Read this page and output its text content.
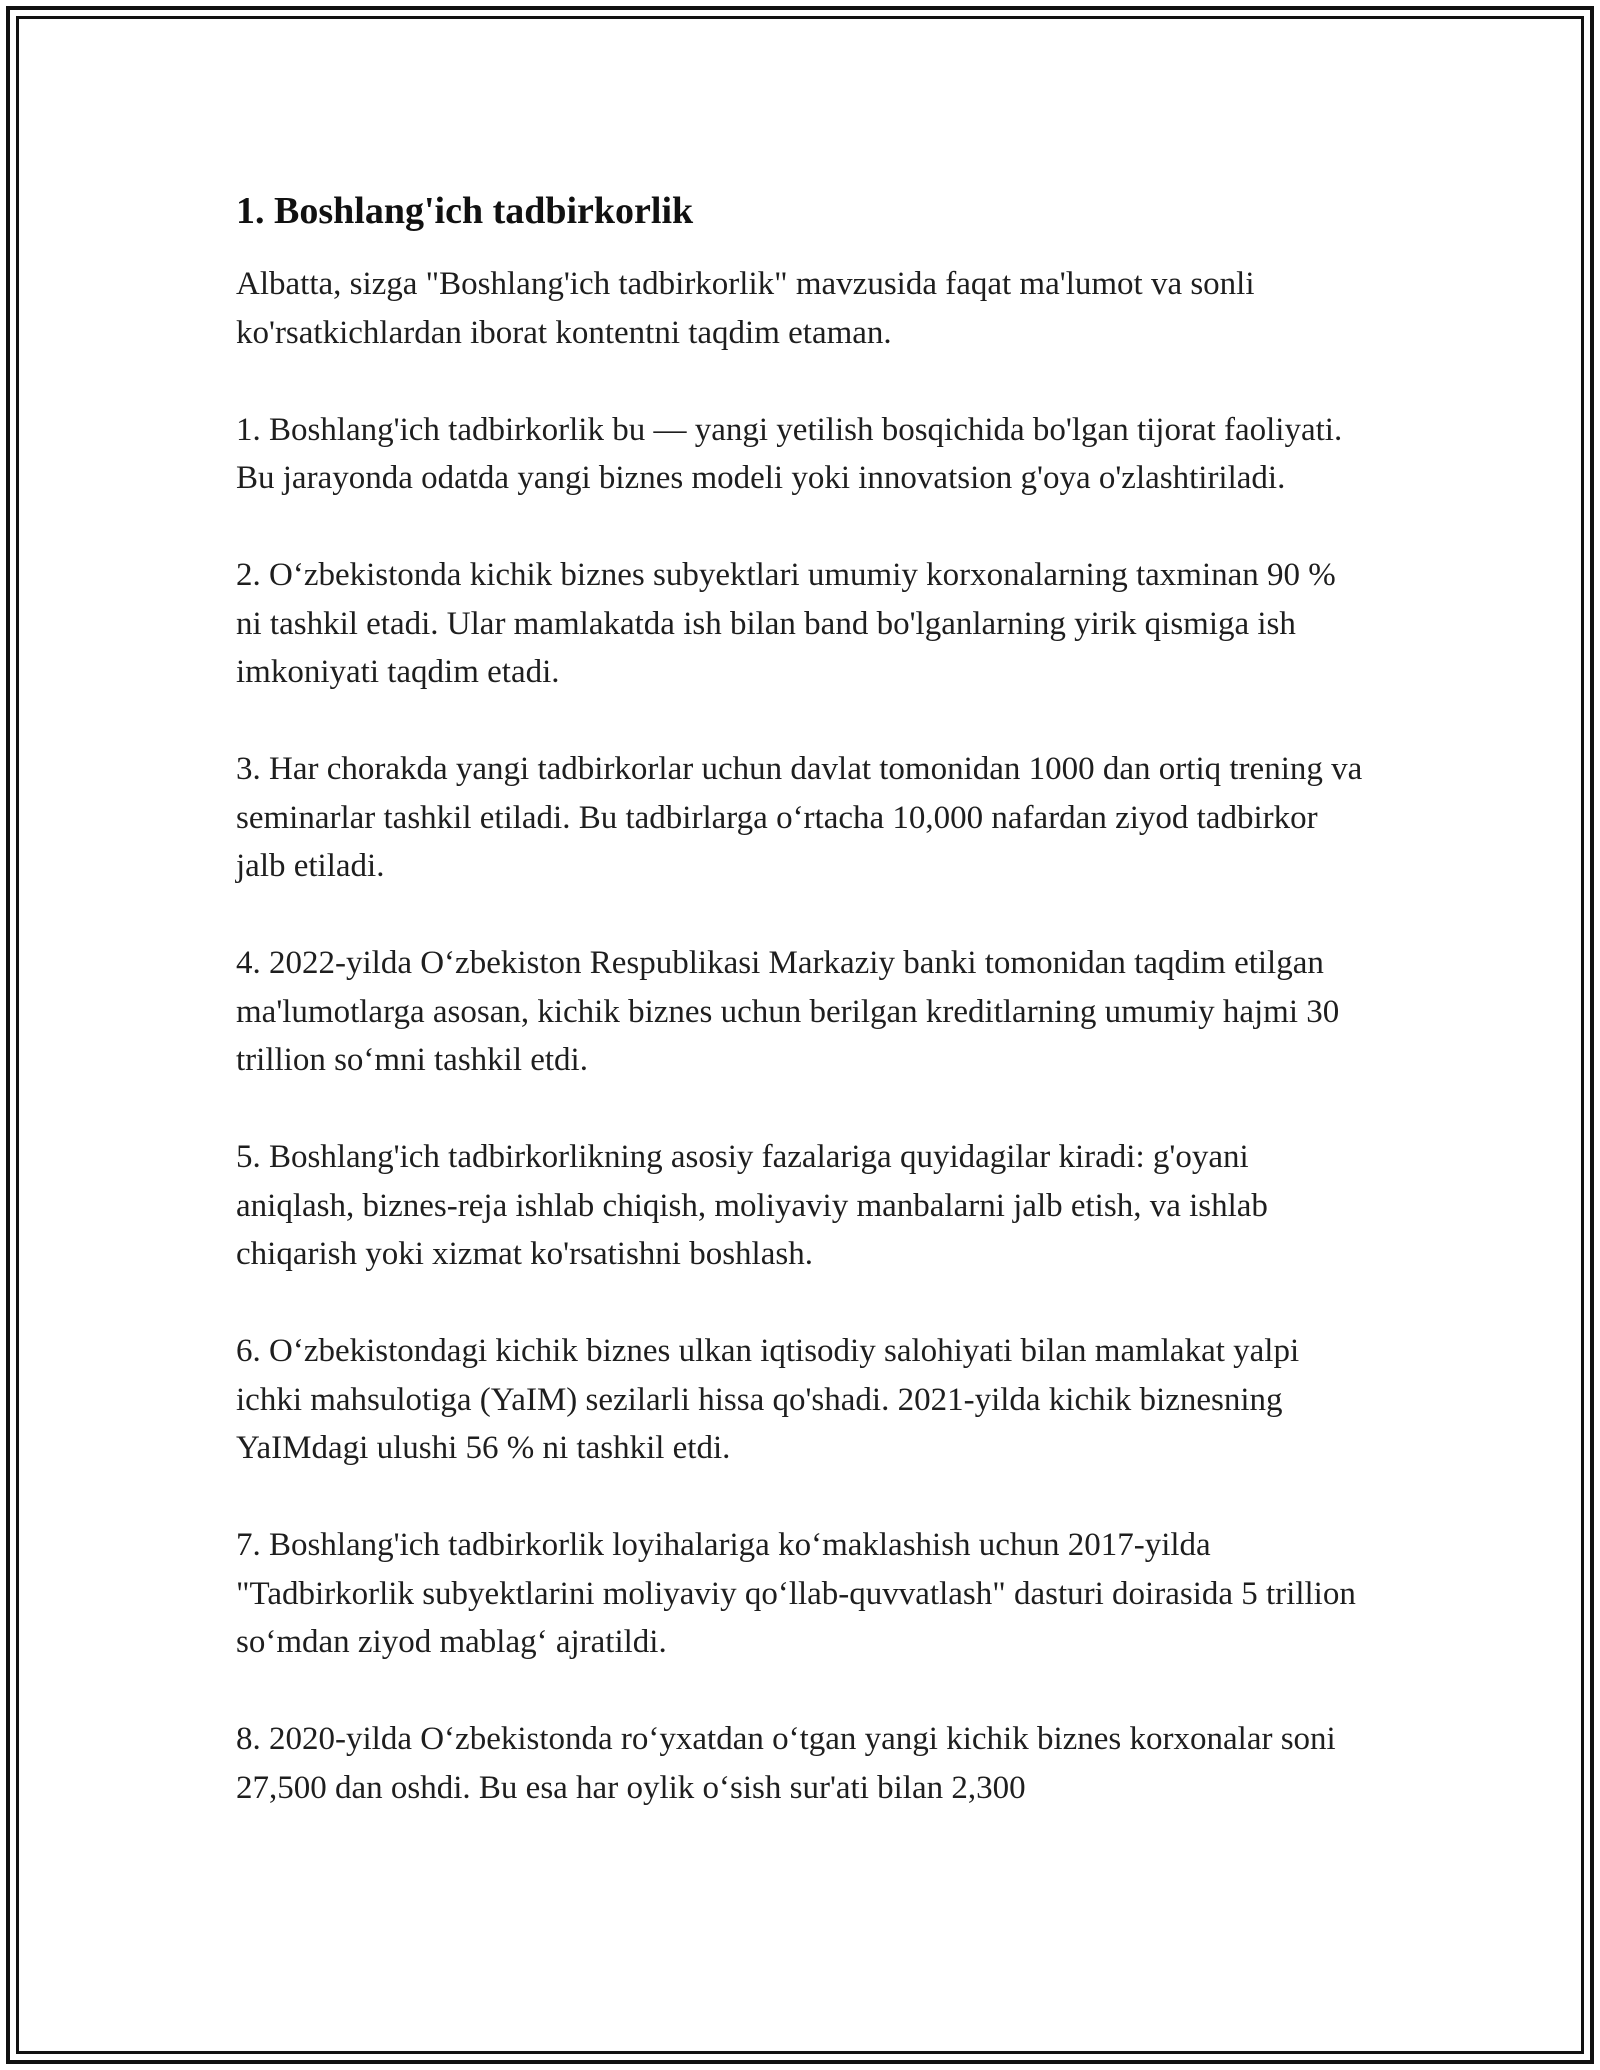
1. Boshlang'ich tadbirkorlik

Albatta, sizga "Boshlang'ich tadbirkorlik" mavzusida faqat ma'lumot va sonli ko'rsatkichlardan iborat kontentni taqdim etaman.

1. Boshlang'ich tadbirkorlik bu — yangi yetilish bosqichida bo'lgan tijorat faoliyati. Bu jarayonda odatda yangi biznes modeli yoki innovatsion g'oya o'zlashtiriladi.

2. O‘zbekistonda kichik biznes subyektlari umumiy korxonalarning taxminan 90 % ni tashkil etadi. Ular mamlakatda ish bilan band bo'lganlarning yirik qismiga ish imkoniyati taqdim etadi.

3. Har chorakda yangi tadbirkorlar uchun davlat tomonidan 1000 dan ortiq trening va seminarlar tashkil etiladi. Bu tadbirlarga o‘rtacha 10,000 nafardan ziyod tadbirkor jalb etiladi.

4. 2022-yilda O‘zbekiston Respublikasi Markaziy banki tomonidan taqdim etilgan ma'lumotlarga asosan, kichik biznes uchun berilgan kreditlarning umumiy hajmi 30 trillion so‘mni tashkil etdi.

5. Boshlang'ich tadbirkorlikning asosiy fazalariga quyidagilar kiradi: g'oyani aniqlash, biznes-reja ishlab chiqish, moliyaviy manbalarni jalb etish, va ishlab chiqarish yoki xizmat ko'rsatishni boshlash.

6. O‘zbekistondagi kichik biznes ulkan iqtisodiy salohiyati bilan mamlakat yalpi ichki mahsulotiga (YaIM) sezilarli hissa qo'shadi. 2021-yilda kichik biznesning YaIMdagi ulushi 56 % ni tashkil etdi.

7. Boshlang'ich tadbirkorlik loyihalariga ko‘maklashish uchun 2017-yilda "Tadbirkorlik subyektlarini moliyaviy qo‘llab-quvvatlash" dasturi doirasida 5 trillion so‘mdan ziyod mablag‘ ajratildi.

8. 2020-yilda O‘zbekistonda ro‘yxatdan o‘tgan yangi kichik biznes korxonalar soni 27,500 dan oshdi. Bu esa har oylik o‘sish sur'ati bilan 2,300
